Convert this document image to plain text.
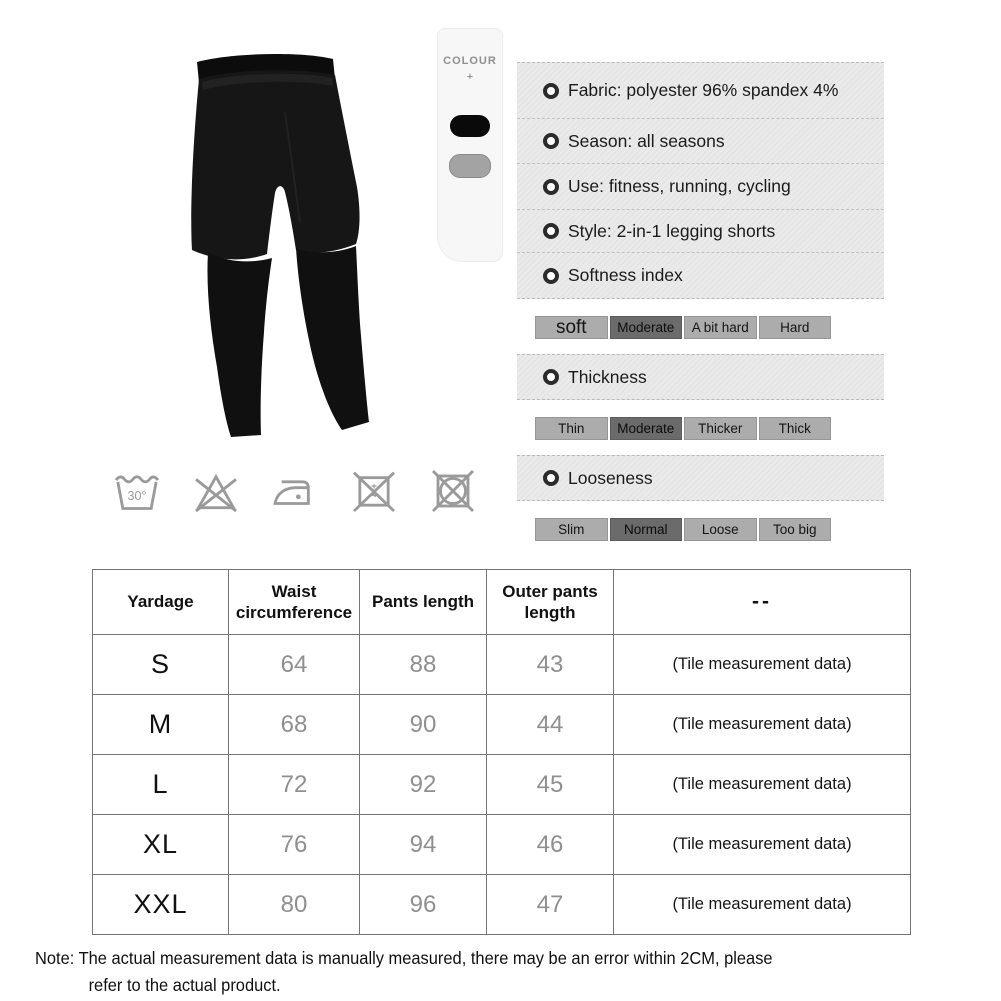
COLOUR
+
Fabric: polyester 96% spandex 4%
Season: all seasons
Use: fitness, running, cycling
Style: 2-in-1 legging shorts
Softness index
soft	Moderate	A bit hard	Hard
Thickness
Thin	Moderate	Thicker	Thick
Looseness
Slim	Normal	Loose	Too big
30°
Yardage	Waist circumference	Pants length	Outer pants length	--
S	64	88	43	(Tile measurement data)
M	68	90	44	(Tile measurement data)
L	72	92	45	(Tile measurement data)
XL	76	94	46	(Tile measurement data)
XXL	80	96	47	(Tile measurement data)
Note: The actual measurement data is manually measured, there may be an error within 2CM, please
refer to the actual product.
